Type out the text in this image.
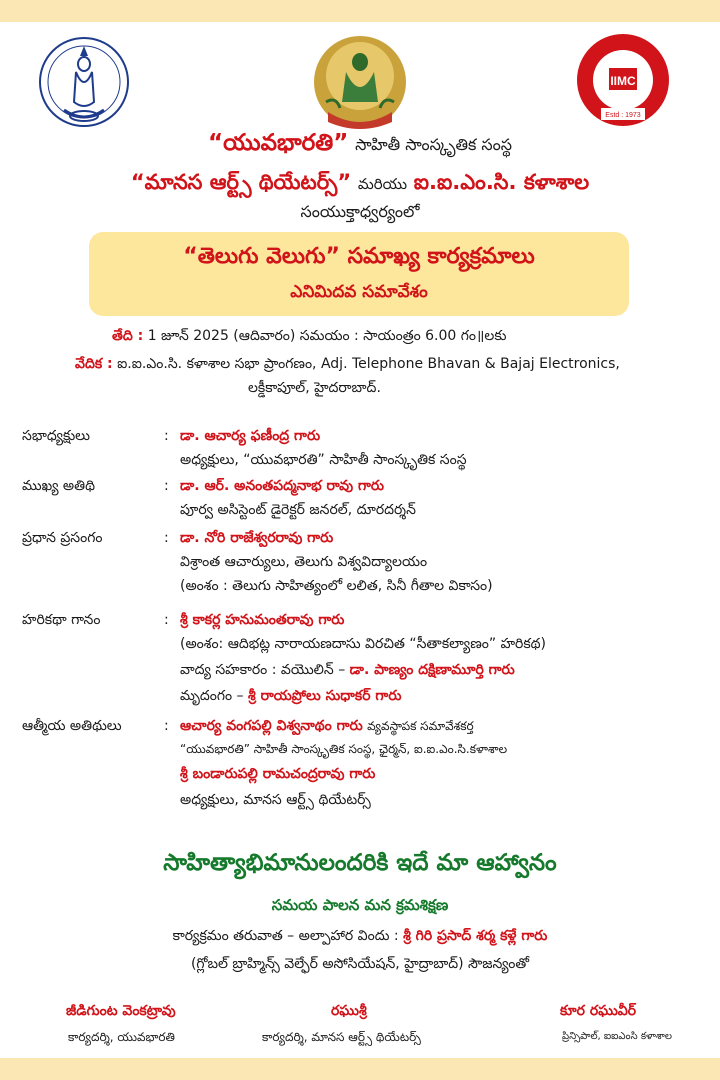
IIMC
Estd : 1973
“యువభారతి” సాహితీ సాంస్కృతిక సంస్థ
“మానస ఆర్ట్స్ థియేటర్స్” మరియు ఐ.ఐ.ఎం.సి. కళాశాల
సంయుక్తాధ్వర్యంలో
“తెలుగు వెలుగు” సమాఖ్య కార్యక్రమాలు
ఎనిమిదవ సమావేశం
తేది : 1 జూన్ 2025 (ఆదివారం) సమయం : సాయంత్రం 6.00 గం॥లకు
వేదిక : ఐ.ఐ.ఎం.సి. కళాశాల సభా ప్రాంగణం, Adj. Telephone Bhavan & Bajaj Electronics,
లక్డీకాపూల్, హైదరాబాద్.
సభాధ్యక్షులు	: డా. ఆచార్య ఫణీంద్ర గారు
అధ్యక్షులు, “యువభారతి” సాహితీ సాంస్కృతిక సంస్థ
ముఖ్య అతిథి	: డా. ఆర్. అనంతపద్మనాభ రావు గారు
పూర్వ అసిస్టెంట్ డైరెక్టర్ జనరల్, దూరదర్శన్
ప్రధాన ప్రసంగం	: డా. నోరి రాజేశ్వరరావు గారు
విశ్రాంత ఆచార్యులు, తెలుగు విశ్వవిద్యాలయం
(అంశం : తెలుగు సాహిత్యంలో లలిత, సినీ గీతాల వికాసం)
హరికథా గానం	: శ్రీ కాకర్ల హనుమంతరావు గారు
(అంశం: ఆదిభట్ల నారాయణదాసు విరచిత “సీతాకల్యాణం” హరికథ)
వాద్య సహకారం : వయొలిన్ – డా. పాణ్యం దక్షిణామూర్తి గారు
మృదంగం – శ్రీ రాయప్రోలు సుధాకర్ గారు
ఆత్మీయ అతిథులు	: ఆచార్య వంగపల్లి విశ్వనాథం గారు వ్యవస్థాపక సమావేశకర్త
“యువభారతి” సాహితీ సాంస్కృతిక సంస్థ, ఛైర్మన్, ఐ.ఐ.ఎం.సి.కళాశాల
శ్రీ బండారుపల్లి రామచంద్రరావు గారు
అధ్యక్షులు, మానస ఆర్ట్స్ థియేటర్స్
సాహిత్యాభిమానులందరికి ఇదే మా ఆహ్వానం
సమయ పాలన మన క్రమశిక్షణ
కార్యక్రమం తరువాత – అల్పాహార విందు : శ్రీ గిరి ప్రసాద్ శర్మ కళ్లే గారు
(గ్లోబల్ బ్రాహ్మిన్స్ వెల్ఫేర్ అసోసియేషన్, హైద్రాబాద్) సౌజన్యంతో
జీడిగుంట వెంకట్రావు
కార్యదర్శి, యువభారతి
రఘుశ్రీ
కార్యదర్శి, మానస ఆర్ట్స్ థియేటర్స్
కూర రఘువీర్
ప్రిన్సిపాల్, ఐఐఎంసి కళాశాల
